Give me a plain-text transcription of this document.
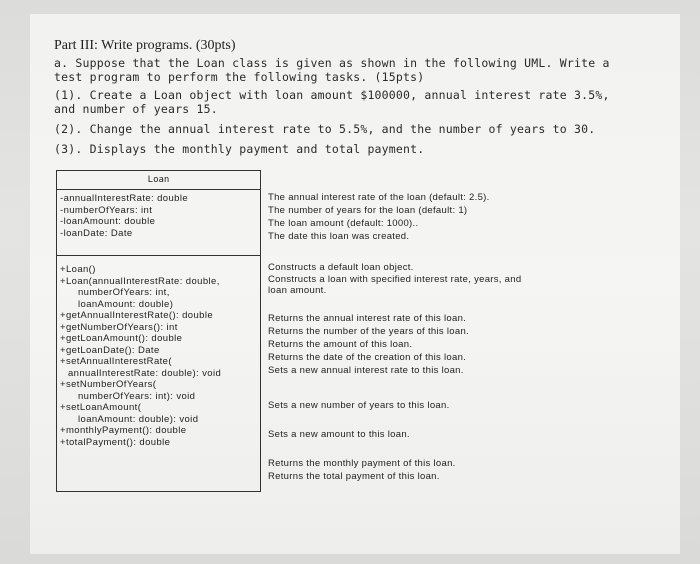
Part III: Write programs. (30pts)
a. Suppose that the Loan class is given as shown in the following UML. Write a
test program to perform the following tasks. (15pts)
(1). Create a Loan object with loan amount $100000, annual interest rate 3.5%,
and number of years 15.
(2). Change the annual interest rate to 5.5%, and the number of years to 30.
(3). Displays the monthly payment and total payment.
Loan
-annualInterestRate: double
-numberOfYears: int
-loanAmount: double
-loanDate: Date
+Loan()
+Loan(annualInterestRate: double,
numberOfYears: int,
loanAmount: double)
+getAnnualInterestRate(): double
+getNumberOfYears(): int
+getLoanAmount(): double
+getLoanDate(): Date
+setAnnualInterestRate(
annualInterestRate: double): void
+setNumberOfYears(
numberOfYears: int): void
+setLoanAmount(
loanAmount: double): void
+monthlyPayment(): double
+totalPayment(): double
The annual interest rate of the loan (default: 2.5).
The number of years for the loan (default: 1)
The loan amount (default: 1000)..
The date this loan was created.
Constructs a default loan object.
Constructs a loan with specified interest rate, years, and
loan amount.
Returns the annual interest rate of this loan.
Returns the number of the years of this loan.
Returns the amount of this loan.
Returns the date of the creation of this loan.
Sets a new annual interest rate to this loan.
Sets a new number of years to this loan.
Sets a new amount to this loan.
Returns the monthly payment of this loan.
Returns the total payment of this loan.
